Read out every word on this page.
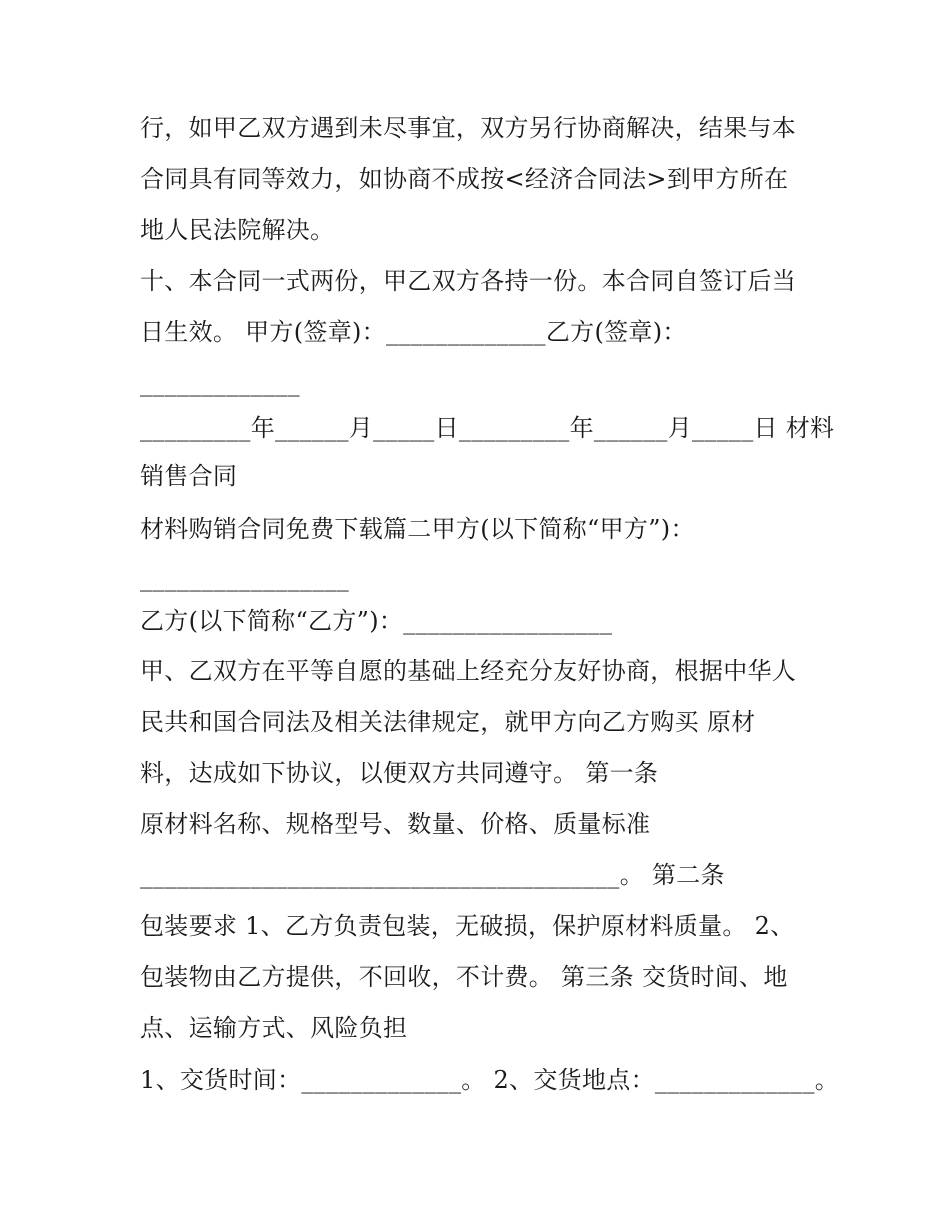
行，如甲乙双方遇到未尽事宜，双方另行协商解决，结果与本
合同具有同等效力，如协商不成按<经济合同法>到甲方所在
地人民法院解决。
十、本合同一式两份，甲乙双方各持一份。本合同自签订后当
日生效。 甲方(签章)：_____________乙方(签章)：
_____________
_________年______月_____日_________年______月_____日 材料
销售合同
材料购销合同免费下载篇二甲方(以下简称“甲方”)：
_________________
乙方(以下简称“乙方”)：_________________
甲、乙双方在平等自愿的基础上经充分友好协商，根据中华人
民共和国合同法及相关法律规定，就甲方向乙方购买 原材
料，达成如下协议，以便双方共同遵守。 第一条
原材料名称、规格型号、数量、价格、质量标准
_______________________________________。 第二条
包装要求 1、乙方负责包装，无破损，保护原材料质量。 2、
包装物由乙方提供，不回收，不计费。 第三条 交货时间、地
点、运输方式、风险负担
1、交货时间：_____________。 2、交货地点：_____________。
